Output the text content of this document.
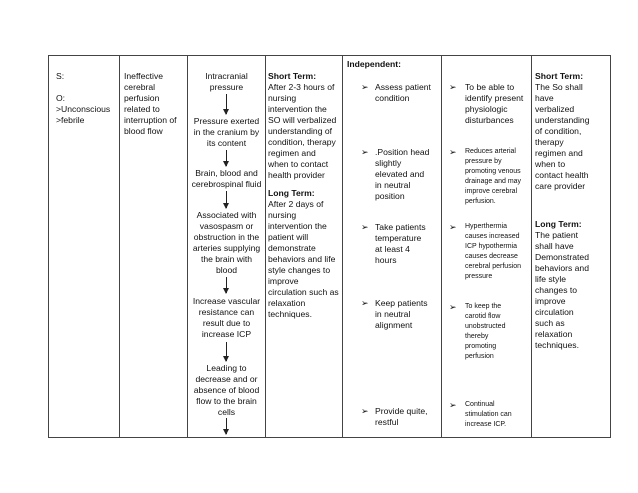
S:
O:
>Unconscious
>febrile
Ineffective
cerebral
perfusion
related to
interruption of
blood flow
Intracranial
pressure
Pressure exerted
in the cranium by
its content
Brain, blood and
cerebrospinal fluid
Associated with
vasospasm or
obstruction in the
arteries supplying
the brain with
blood
Increase vascular
resistance can
result due to
increase ICP
Leading to
decrease and or
absence of blood
flow to the brain
cells
Short Term:
After 2-3 hours of
nursing
intervention the
SO will verbalized
understanding of
condition, therapy
regimen and
when to contact
health provider
Long Term:
After 2 days of
nursing
intervention the
patient will
demonstrate
behaviors and life
style changes to
improve
circulation such as
relaxation
techniques.
Independent:
➢ Assess patient
condition
➢ .Position head
slightly
elevated and
in neutral
position
➢ Take patients
temperature
at least 4
hours
➢ Keep patients
in neutral
alignment
➢ Provide quite,
restful
➢ To be able to
identify present
physiologic
disturbances
➢ Reduces arterial
pressure by
promoting venous
drainage and may
improve cerebral
perfusion.
➢ Hyperthermia
causes increased
ICP hypothermia
causes decrease
cerebral perfusion
pressure
➢ To keep the
carotid flow
unobstructed
thereby
promoting
perfusion
➢ Continual
stimulation can
increase ICP.
Short Term:
The So shall
have
verbalized
understanding
of condition,
therapy
regimen and
when to
contact health
care provider
Long Term:
The patient
shall have
Demonstrated
behaviors and
life style
changes to
improve
circulation
such as
relaxation
techniques.
